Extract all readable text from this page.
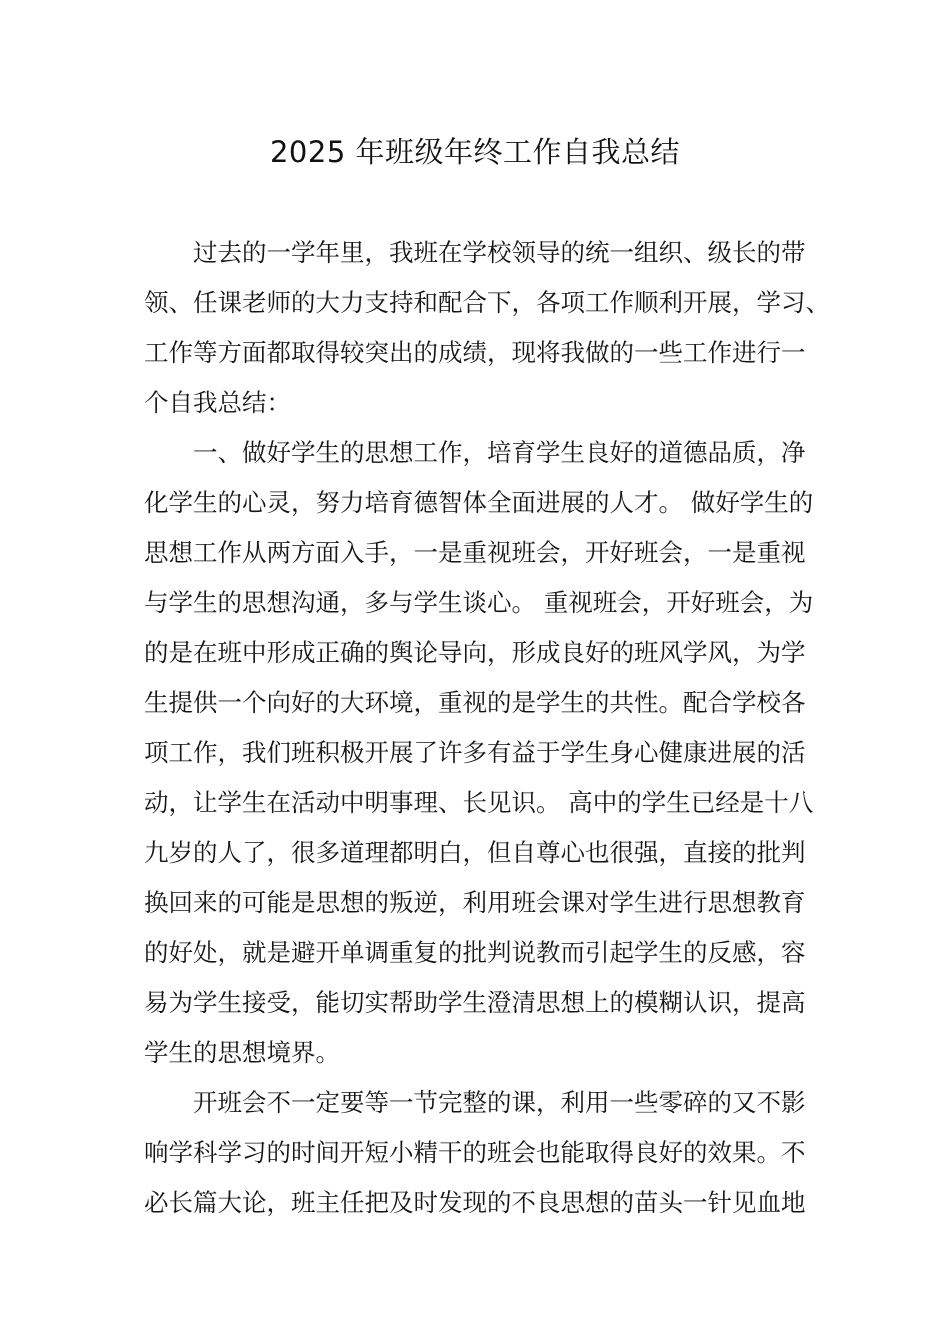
2025 年班级年终工作自我总结
过去的一学年里，我班在学校领导的统一组织、级长的带
领、任课老师的大力支持和配合下，各项工作顺利开展，学习、
工作等方面都取得较突出的成绩，现将我做的一些工作进行一
个自我总结：
一、做好学生的思想工作，培育学生良好的道德品质，净
化学生的心灵，努力培育德智体全面进展的人才。 做好学生的
思想工作从两方面入手，一是重视班会，开好班会，一是重视
与学生的思想沟通，多与学生谈心。 重视班会，开好班会，为
的是在班中形成正确的舆论导向，形成良好的班风学风，为学
生提供一个向好的大环境，重视的是学生的共性。配合学校各
项工作，我们班积极开展了许多有益于学生身心健康进展的活
动，让学生在活动中明事理、长见识。 高中的学生已经是十八
九岁的人了，很多道理都明白，但自尊心也很强，直接的批判
换回来的可能是思想的叛逆，利用班会课对学生进行思想教育
的好处，就是避开单调重复的批判说教而引起学生的反感，容
易为学生接受，能切实帮助学生澄清思想上的模糊认识，提高
学生的思想境界。
开班会不一定要等一节完整的课，利用一些零碎的又不影
响学科学习的时间开短小精干的班会也能取得良好的效果。不
必长篇大论，班主任把及时发现的不良思想的苗头一针见血地
